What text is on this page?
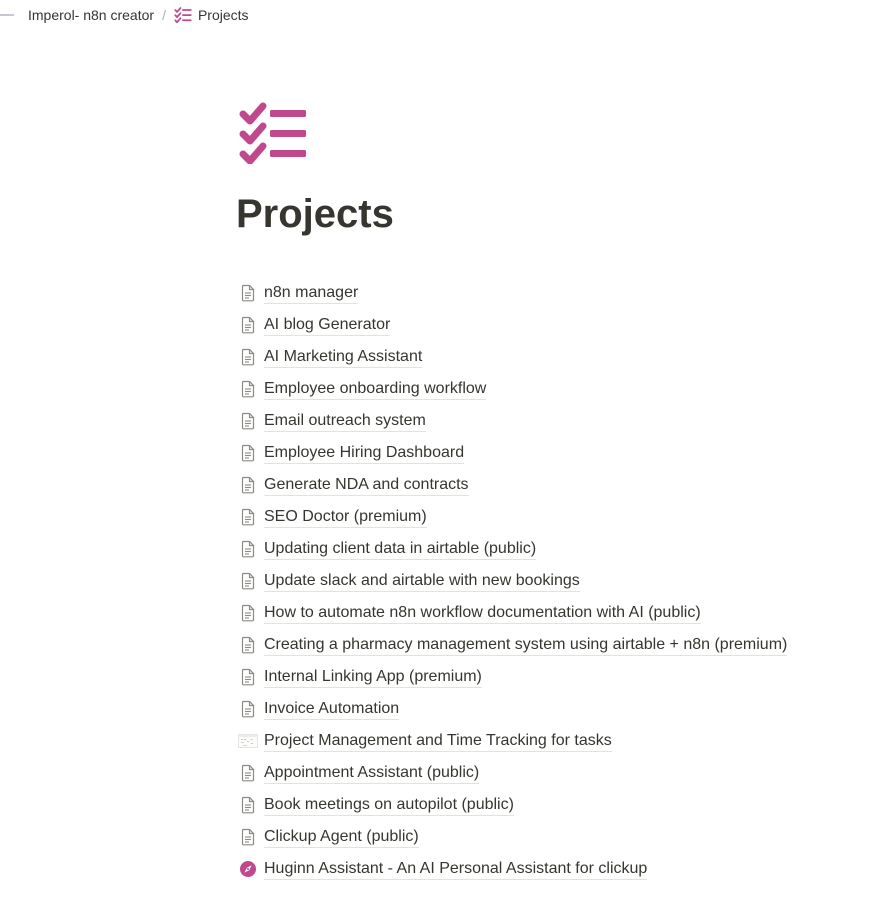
Imperol- n8n creator / Projects
Projects
n8n manager
AI blog Generator
AI Marketing Assistant
Employee onboarding workflow
Email outreach system
Employee Hiring Dashboard
Generate NDA and contracts
SEO Doctor (premium)
Updating client data in airtable (public)
Update slack and airtable with new bookings
How to automate n8n workflow documentation with AI (public)
Creating a pharmacy management system using airtable + n8n (premium)
Internal Linking App (premium)
Invoice Automation
Project Management and Time Tracking for tasks
Appointment Assistant (public)
Book meetings on autopilot (public)
Clickup Agent (public)
Huginn Assistant - An AI Personal Assistant for clickup
